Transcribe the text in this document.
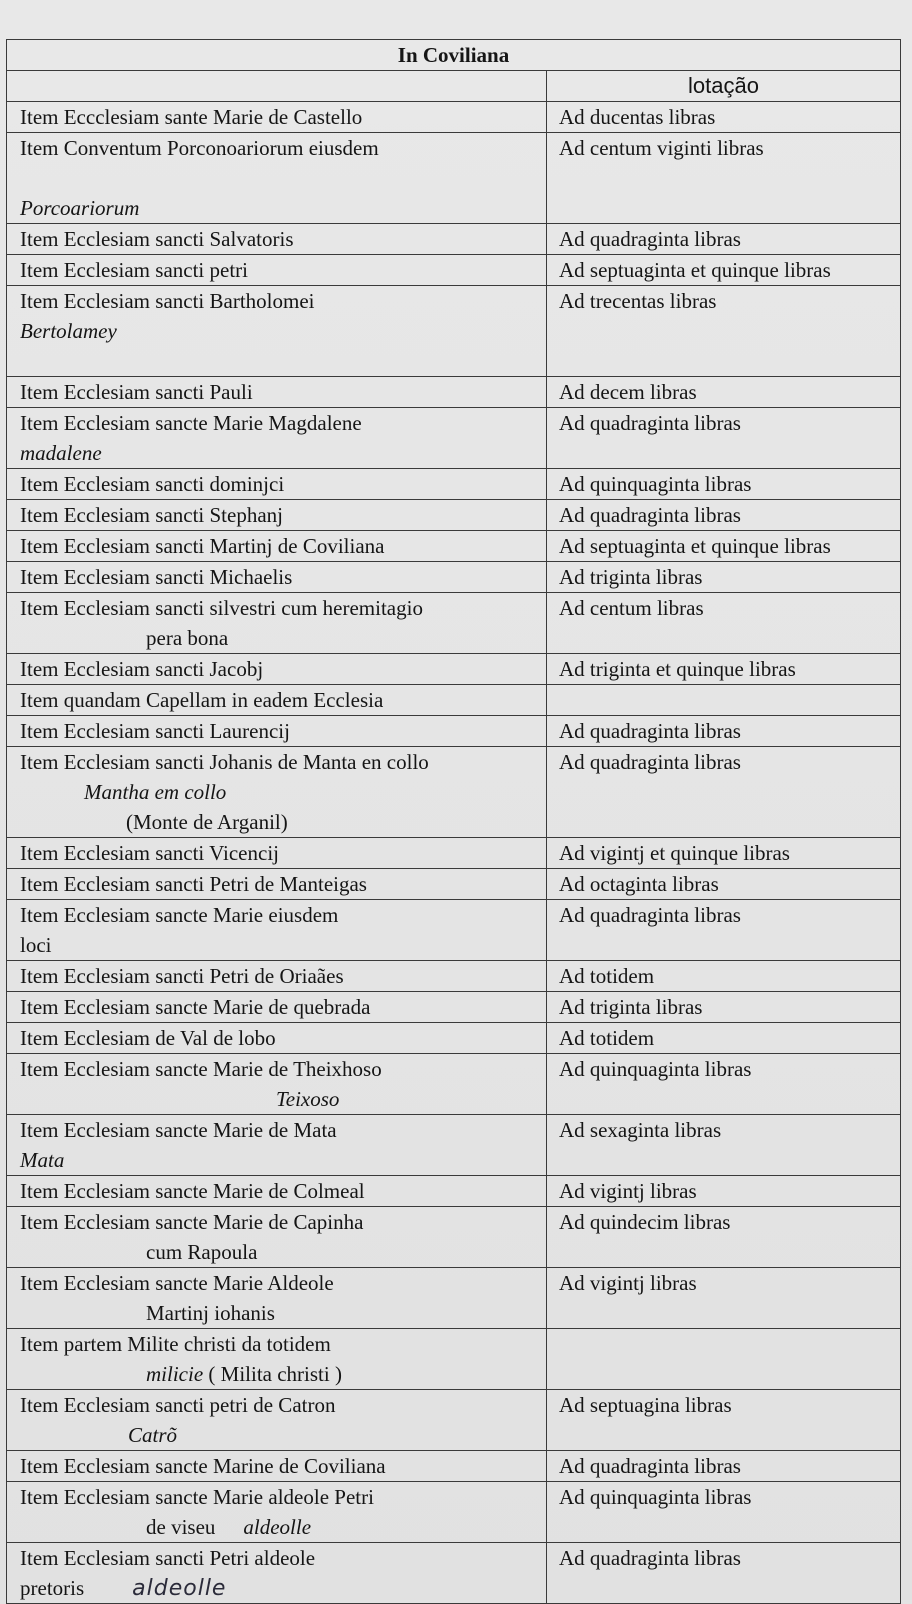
In Coviliana	
	lotação
Item Eccclesiam sante Marie de Castello	Ad ducentas libras

Item Conventum Porconoariorum eiusdem
Porcoariorum	Ad centum viginti libras
Item Ecclesiam sancti Salvatoris	Ad quadraginta libras
Item Ecclesiam sancti petri	Ad septuaginta et quinque libras

Item Ecclesiam sancti Bartholomei
Bertolamey	Ad trecentas libras
Item Ecclesiam sancti Pauli	Ad decem libras

Item Ecclesiam sancte Marie Magdalene
madalene	Ad quadraginta libras
Item Ecclesiam sancti dominjci	Ad quinquaginta libras
Item Ecclesiam sancti Stephanj	Ad quadraginta libras
Item Ecclesiam sancti Martinj de Coviliana	Ad septuaginta et quinque libras
Item Ecclesiam sancti Michaelis	Ad triginta libras

Item Ecclesiam sancti silvestri cum heremitagio
pera bona	Ad centum libras
Item Ecclesiam sancti Jacobj	Ad triginta et quinque libras
Item quandam Capellam in eadem Ecclesia	
Item Ecclesiam sancti Laurencij	Ad quadraginta libras

Item Ecclesiam sancti Johanis de Manta en collo
Mantha em collo
(Monte de Arganil)	Ad quadraginta libras
Item Ecclesiam sancti Vicencij	Ad vigintj et quinque libras
Item Ecclesiam sancti Petri de Manteigas	Ad octaginta libras

Item Ecclesiam sancte Marie eiusdem
loci	Ad quadraginta libras
Item Ecclesiam sancti Petri de Oriaães	Ad totidem
Item Ecclesiam sancte Marie de quebrada	Ad triginta libras
Item Ecclesiam de Val de lobo	Ad totidem

Item Ecclesiam sancte Marie de Theixhoso
Teixoso	Ad quinquaginta libras

Item Ecclesiam sancte Marie de Mata
Mata	Ad sexaginta libras
Item Ecclesiam sancte Marie de Colmeal	Ad vigintj libras

Item Ecclesiam sancte Marie de Capinha
cum Rapoula	Ad quindecim libras

Item Ecclesiam sancte Marie Aldeole
Martinj iohanis	Ad vigintj libras

Item partem Milite christi da totidem
milicie ( Milita christi )	

Item Ecclesiam sancti petri de Catron
Catrõ	Ad septuagina libras
Item Ecclesiam sancte Marine de Coviliana	Ad quadraginta libras

Item Ecclesiam sancte Marie aldeole Petri
de viseu aldeolle	Ad quinquaginta libras

Item Ecclesiam sancti Petri aldeole
pretoris aldeolle	Ad quadraginta libras
